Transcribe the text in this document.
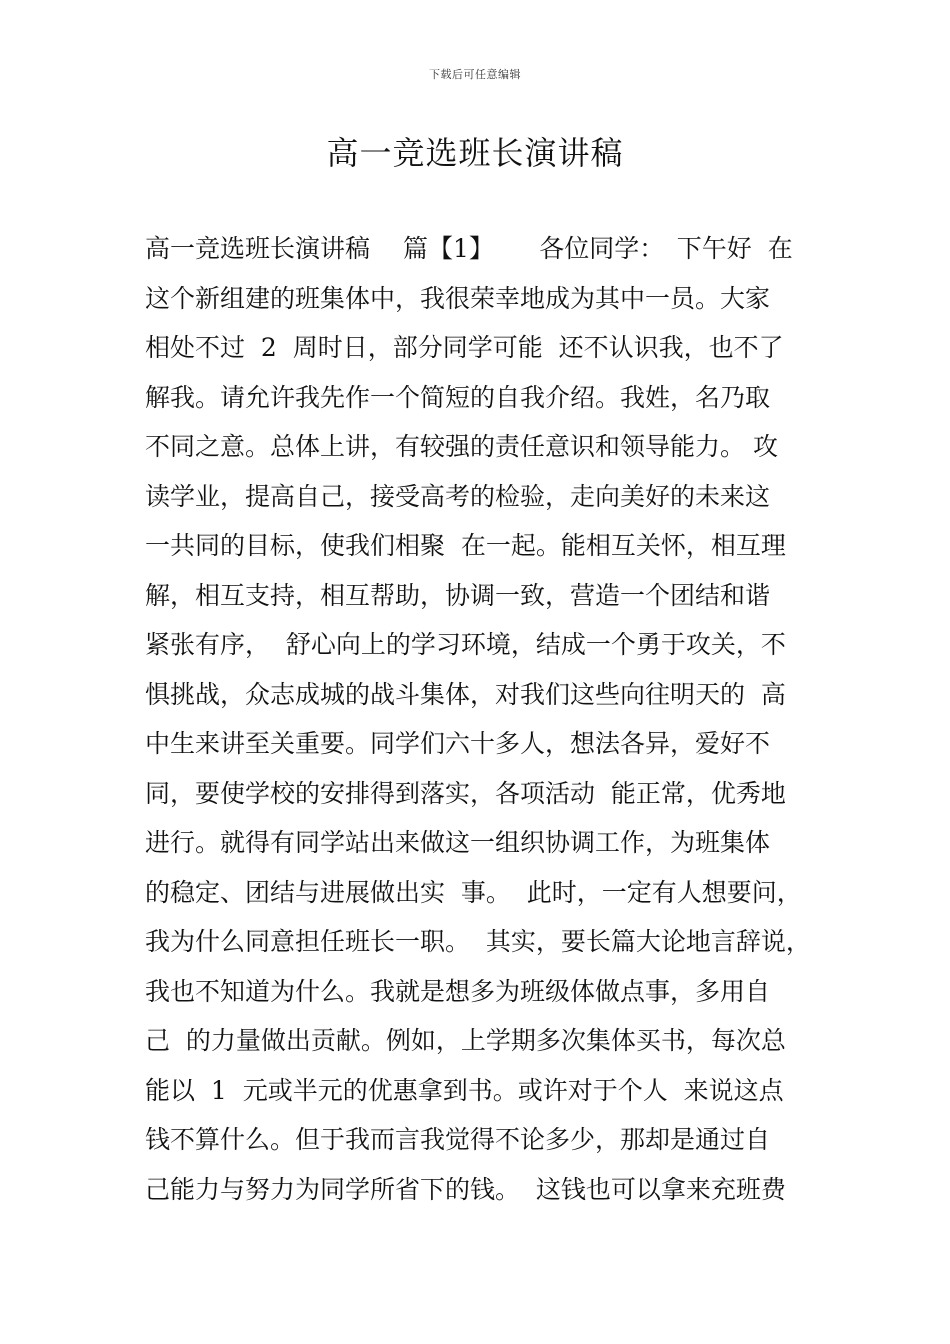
下载后可任意编辑
高一竞选班长演讲稿
高一竞选班长演讲稿　 篇【1】　　 各位同学：　下午好  在
这个新组建的班集体中，我很荣幸地成为其中一员。大家
相处不过  2  周时日，部分同学可能  还不认识我，也不了
解我。请允许我先作一个简短的自我介绍。我姓，名乃取
不同之意。总体上讲，有较强的责任意识和领导能力。 攻
读学业，提高自己，接受高考的检验，走向美好的未来这
一共同的目标，使我们相聚  在一起。能相互关怀，相互理
解，相互支持，相互帮助，协调一致，营造一个团结和谐
紧张有序，  舒心向上的学习环境，结成一个勇于攻关，不
惧挑战，众志成城的战斗集体，对我们这些向往明天的  高
中生来讲至关重要。同学们六十多人，想法各异，爱好不
同，要使学校的安排得到落实，各项活动  能正常，优秀地
进行。就得有同学站出来做这一组织协调工作，为班集体
的稳定、团结与进展做出实  事。  此时，一定有人想要问，
我为什么同意担任班长一职。  其实，要长篇大论地言辞说，
我也不知道为什么。我就是想多为班级体做点事，多用自
己  的力量做出贡献。例如，上学期多次集体买书，每次总
能以  1  元或半元的优惠拿到书。或许对于个人  来说这点
钱不算什么。但于我而言我觉得不论多少，那却是通过自
己能力与努力为同学所省下的钱。  这钱也可以拿来充班费
